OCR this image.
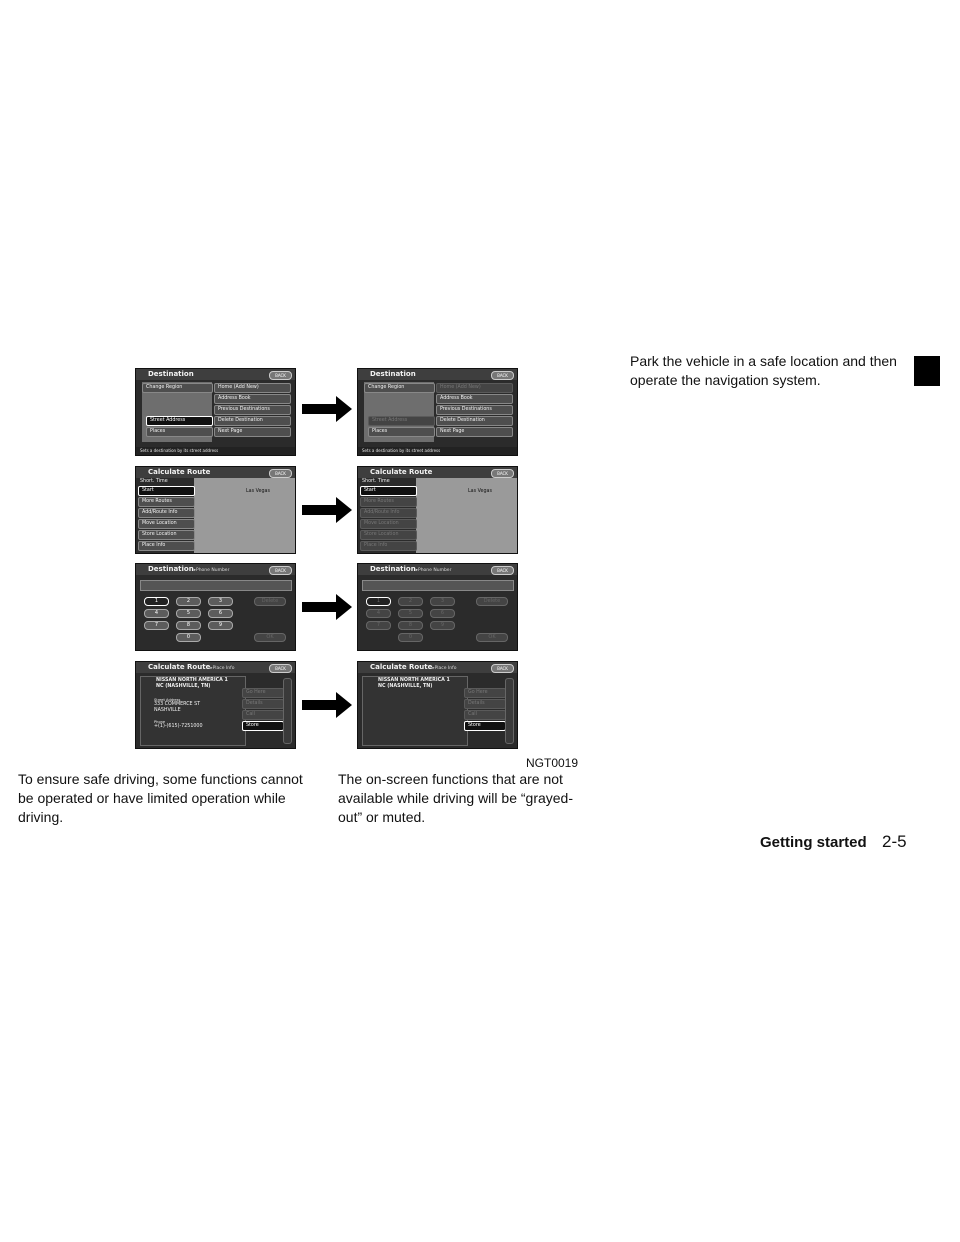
Destination	BACK
Change Region	Home (Add New)
Address Book
Previous Destinations
Street Address	Delete Destination
Places	Next Page
Sets a destination by its street address
Destination	BACK
Change Region	Home (Add New)
Address Book
Previous Destinations
Street Address	Delete Destination
Places	Next Page
Sets a destination by its street address
Calculate Route	BACK
Short. Time
Start
More Routes
Add/Route Info
Move Location
Store Location
Place Info
Las Vegas
Calculate Route	BACK
Short. Time
Start
More Routes
Add/Route Info
Move Location
Store Location
Place Info
Las Vegas
Destination▸Phone Number	BACK
1	2	3	Delete
4	5	6
7	8	9
0	OK
Destination▸Phone Number	BACK
1	2	3	Delete
4	5	6
7	8	9
0	OK
Calculate Route▸Place Info	BACK
NISSAN NORTH AMERICA 1
NC (NASHVILLE, TN)
Street Address
333 COMMERCE ST
NASHVILLE
Phone
+(1)-(615)-7251000
Go Here
Details
Call
Store
Calculate Route▸Place Info	BACK
NISSAN NORTH AMERICA 1
NC (NASHVILLE, TN)
Go Here
Details
Call
Store
NGT0019
To ensure safe driving, some functions cannot be operated or have limited operation while driving.
The on-screen functions that are not available while driving will be “grayed-out” or muted.
Park the vehicle in a safe location and then operate the navigation system.
Getting started 2-5
